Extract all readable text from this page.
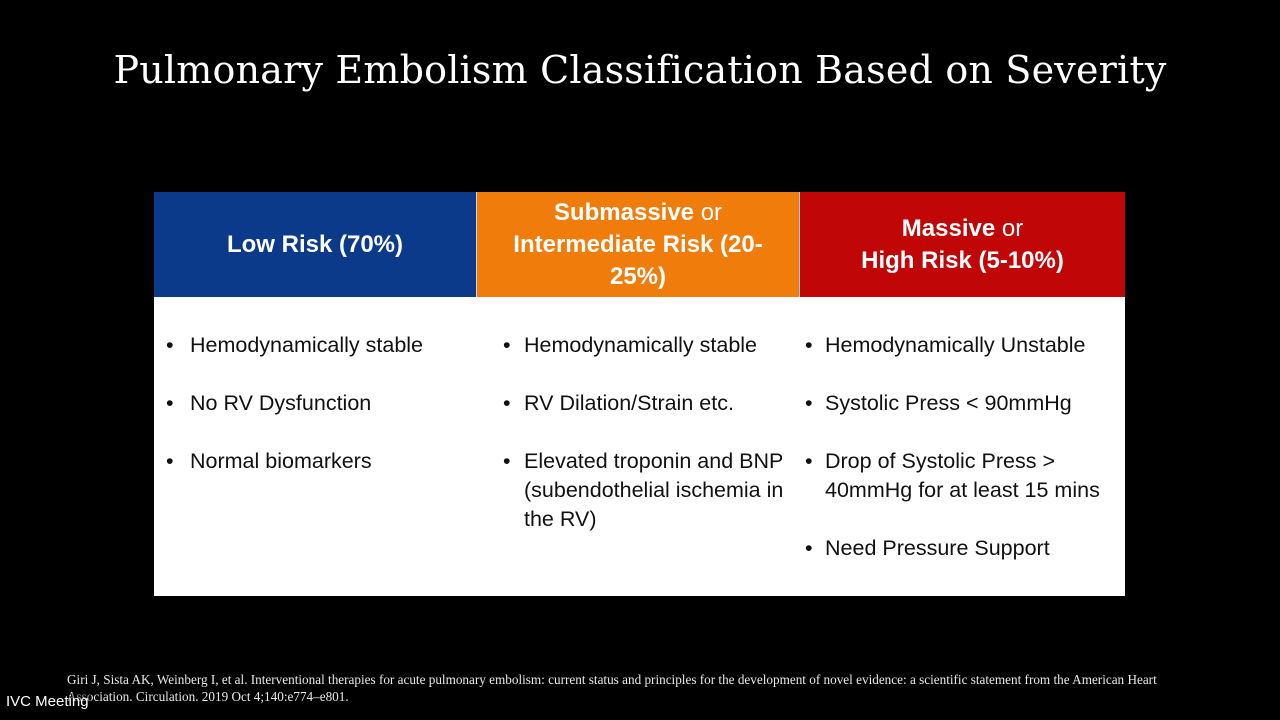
Pulmonary Embolism Classification Based on Severity
Low Risk (70%)
Submassive or
Intermediate Risk (20-25%)
Massive or
High Risk (5-10%)
• Hemodynamically stable
• No RV Dysfunction
• Normal biomarkers
• Hemodynamically stable
• RV Dilation/Strain etc.
• Elevated troponin and BNP (subendothelial ischemia in the RV)
• Hemodynamically Unstable
• Systolic Press < 90mmHg
• Drop of Systolic Press > 40mmHg for at least 15 mins
• Need Pressure Support
Giri J, Sista AK, Weinberg I, et al. Interventional therapies for acute pulmonary embolism: current status and principles for the development of novel evidence: a scientific statement from the American Heart Association. Circulation. 2019 Oct 4;140:e774–e801.
IVC Meeting
